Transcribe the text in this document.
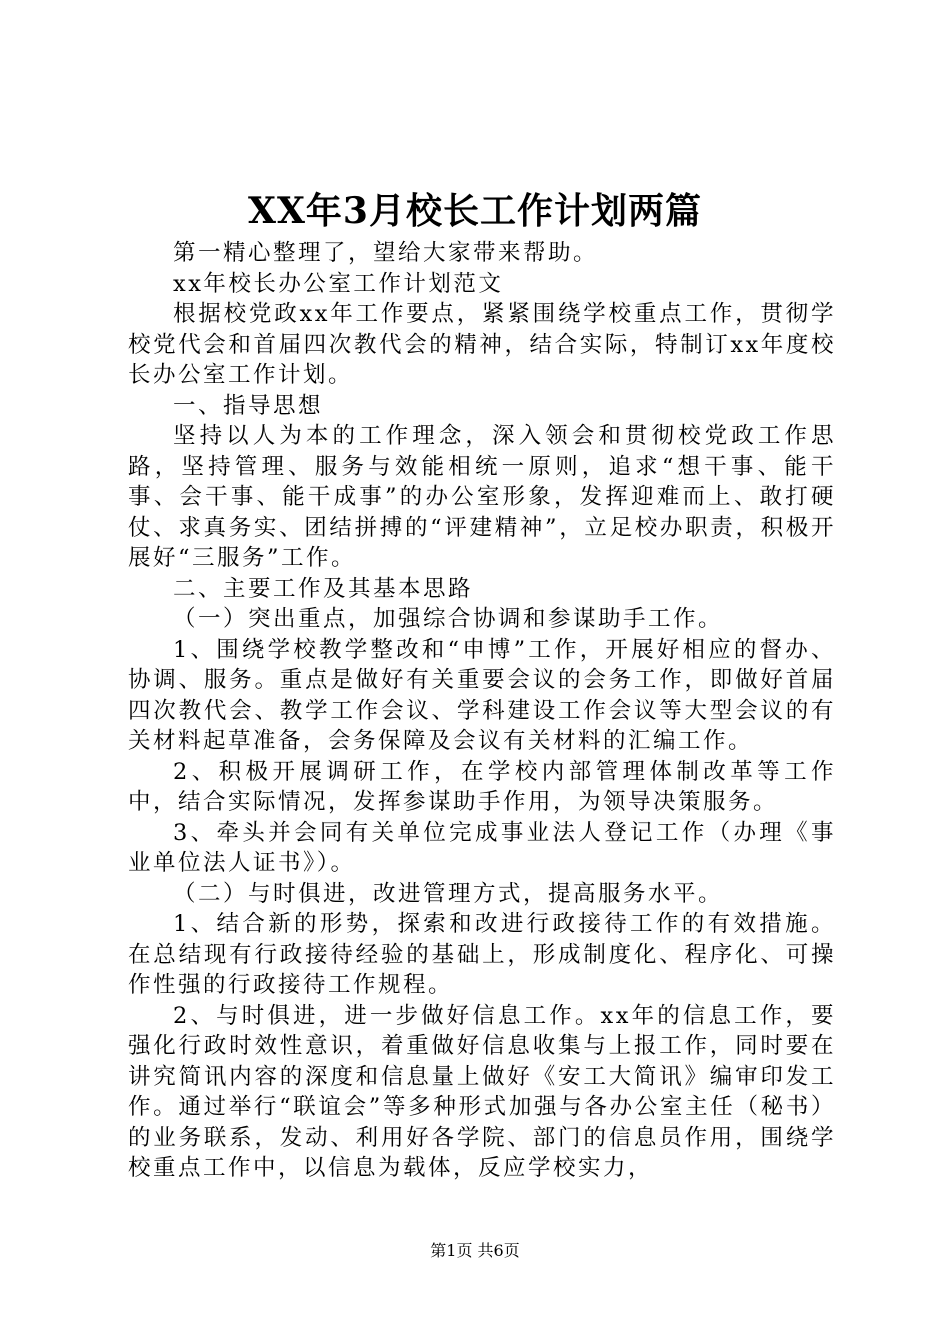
XX年3月校长工作计划两篇

第一精心整理了，望给大家带来帮助。

xx年校长办公室工作计划范文

根据校党政xx年工作要点，紧紧围绕学校重点工作，贯彻学校党代会和首届四次教代会的精神，结合实际，特制订xx年度校长办公室工作计划。

一、指导思想

坚持以人为本的工作理念，深入领会和贯彻校党政工作思路，坚持管理、服务与效能相统一原则，追求“想干事、能干事、会干事、能干成事”的办公室形象，发挥迎难而上、敢打硬仗、求真务实、团结拼搏的“评建精神”，立足校办职责，积极开展好“三服务”工作。

二、主要工作及其基本思路

（一）突出重点，加强综合协调和参谋助手工作。

1、围绕学校教学整改和“申博”工作，开展好相应的督办、协调、服务。重点是做好有关重要会议的会务工作，即做好首届四次教代会、教学工作会议、学科建设工作会议等大型会议的有关材料起草准备，会务保障及会议有关材料的汇编工作。

2、积极开展调研工作，在学校内部管理体制改革等工作中，结合实际情况，发挥参谋助手作用，为领导决策服务。

3、牵头并会同有关单位完成事业法人登记工作（办理《事业单位法人证书》）。

（二）与时俱进，改进管理方式，提高服务水平。

1、结合新的形势，探索和改进行政接待工作的有效措施。在总结现有行政接待经验的基础上，形成制度化、程序化、可操作性强的行政接待工作规程。

2、与时俱进，进一步做好信息工作。xx年的信息工作，要强化行政时效性意识，着重做好信息收集与上报工作，同时要在讲究简讯内容的深度和信息量上做好《安工大简讯》编审印发工作。通过举行“联谊会”等多种形式加强与各办公室主任（秘书）的业务联系，发动、利用好各学院、部门的信息员作用，围绕学校重点工作中，以信息为载体，反应学校实力，

第1页 共6页
